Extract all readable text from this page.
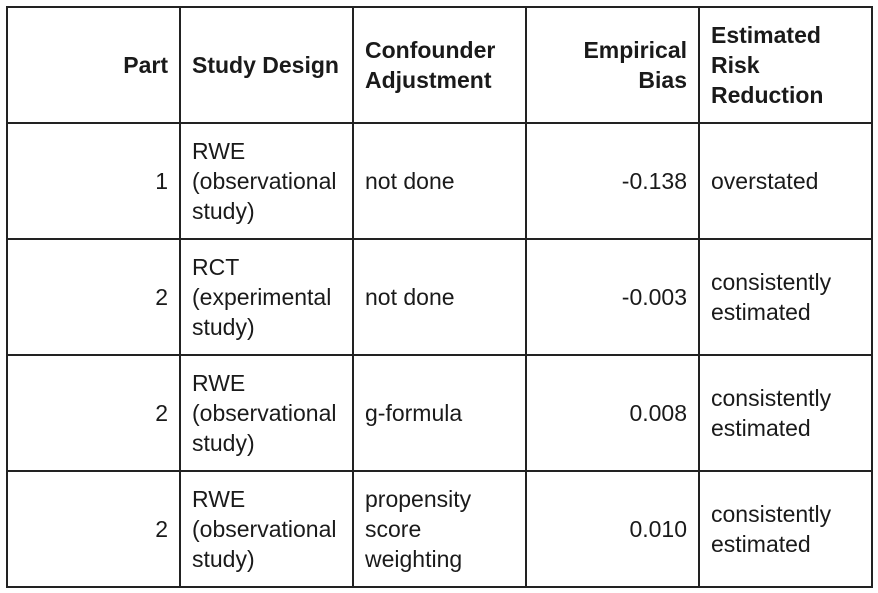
Part	Study Design	Confounder Adjustment	Empirical Bias	Estimated Risk Reduction
1	RWE (observational study)	not done	-0.138	overstated
2	RCT (experimental study)	not done	-0.003	consistently estimated
2	RWE (observational study)	g-formula	0.008	consistently estimated
2	RWE (observational study)	propensity score weighting	0.010	consistently estimated
